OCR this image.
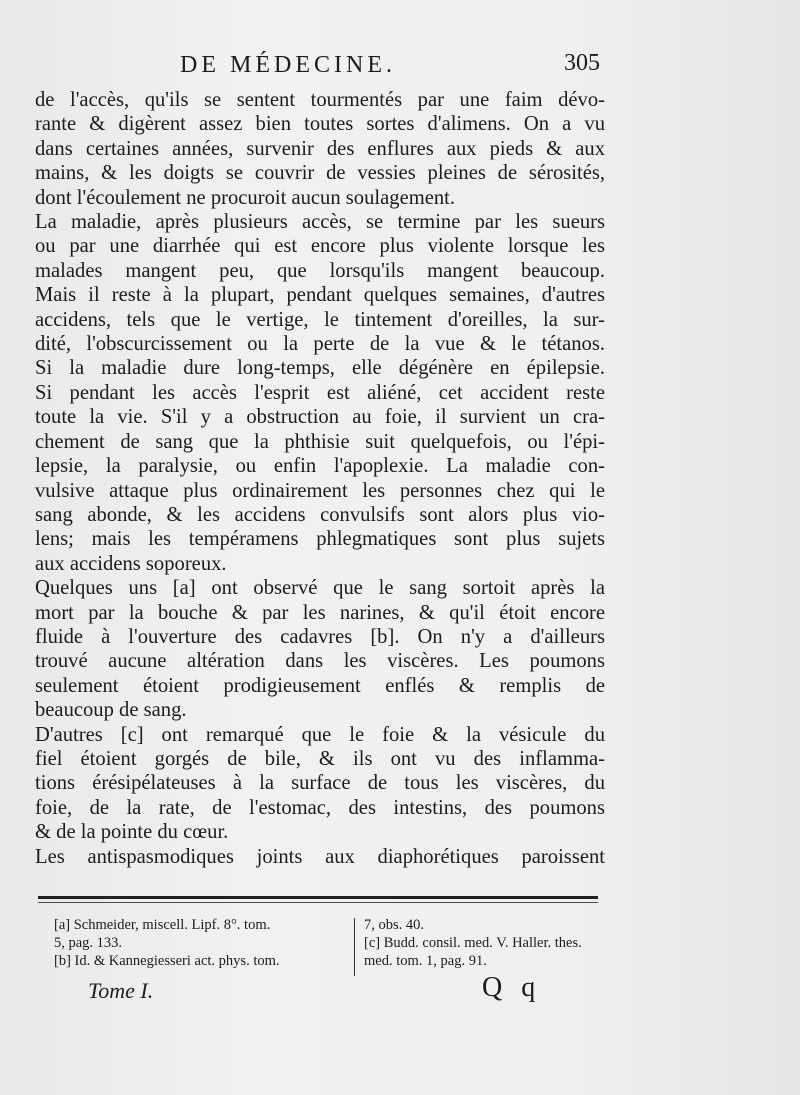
DE MÉDECINE.	305
de l'accès, qu'ils se sentent tourmentés par une faim dévo-
rante & digèrent assez bien toutes sortes d'alimens. On a vu
dans certaines années, survenir des enflures aux pieds & aux
mains, & les doigts se couvrir de vessies pleines de sérosités,
dont l'écoulement ne procuroit aucun soulagement.
La maladie, après plusieurs accès, se termine par les sueurs
ou par une diarrhée qui est encore plus violente lorsque les
malades mangent peu, que lorsqu'ils mangent beaucoup.
Mais il reste à la plupart, pendant quelques semaines, d'autres
accidens, tels que le vertige, le tintement d'oreilles, la sur-
dité, l'obscurcissement ou la perte de la vue & le tétanos.
Si la maladie dure long-temps, elle dégénère en épilepsie.
Si pendant les accès l'esprit est aliéné, cet accident reste
toute la vie. S'il y a obstruction au foie, il survient un cra-
chement de sang que la phthisie suit quelquefois, ou l'épi-
lepsie, la paralysie, ou enfin l'apoplexie. La maladie con-
vulsive attaque plus ordinairement les personnes chez qui le
sang abonde, & les accidens convulsifs sont alors plus vio-
lens; mais les tempéramens phlegmatiques sont plus sujets
aux accidens soporeux.
Quelques uns [a] ont observé que le sang sortoit après la
mort par la bouche & par les narines, & qu'il étoit encore
fluide à l'ouverture des cadavres [b]. On n'y a d'ailleurs
trouvé aucune altération dans les viscères. Les poumons
seulement étoient prodigieusement enflés & remplis de
beaucoup de sang.
D'autres [c] ont remarqué que le foie & la vésicule du
fiel étoient gorgés de bile, & ils ont vu des inflamma-
tions érésipélateuses à la surface de tous les viscères, du
foie, de la rate, de l'estomac, des intestins, des poumons
& de la pointe du cœur.
Les antispasmodiques joints aux diaphorétiques paroissent
[a] Schmeider, miscell. Lipf. 8°. tom.
5, pag. 133.
[b] Id. & Kannegiesseri act. phys. tom.
7, obs. 40.
[c] Budd. consil. med. V. Haller. thes.
med. tom. 1, pag. 91.
Tome I.	Q q
